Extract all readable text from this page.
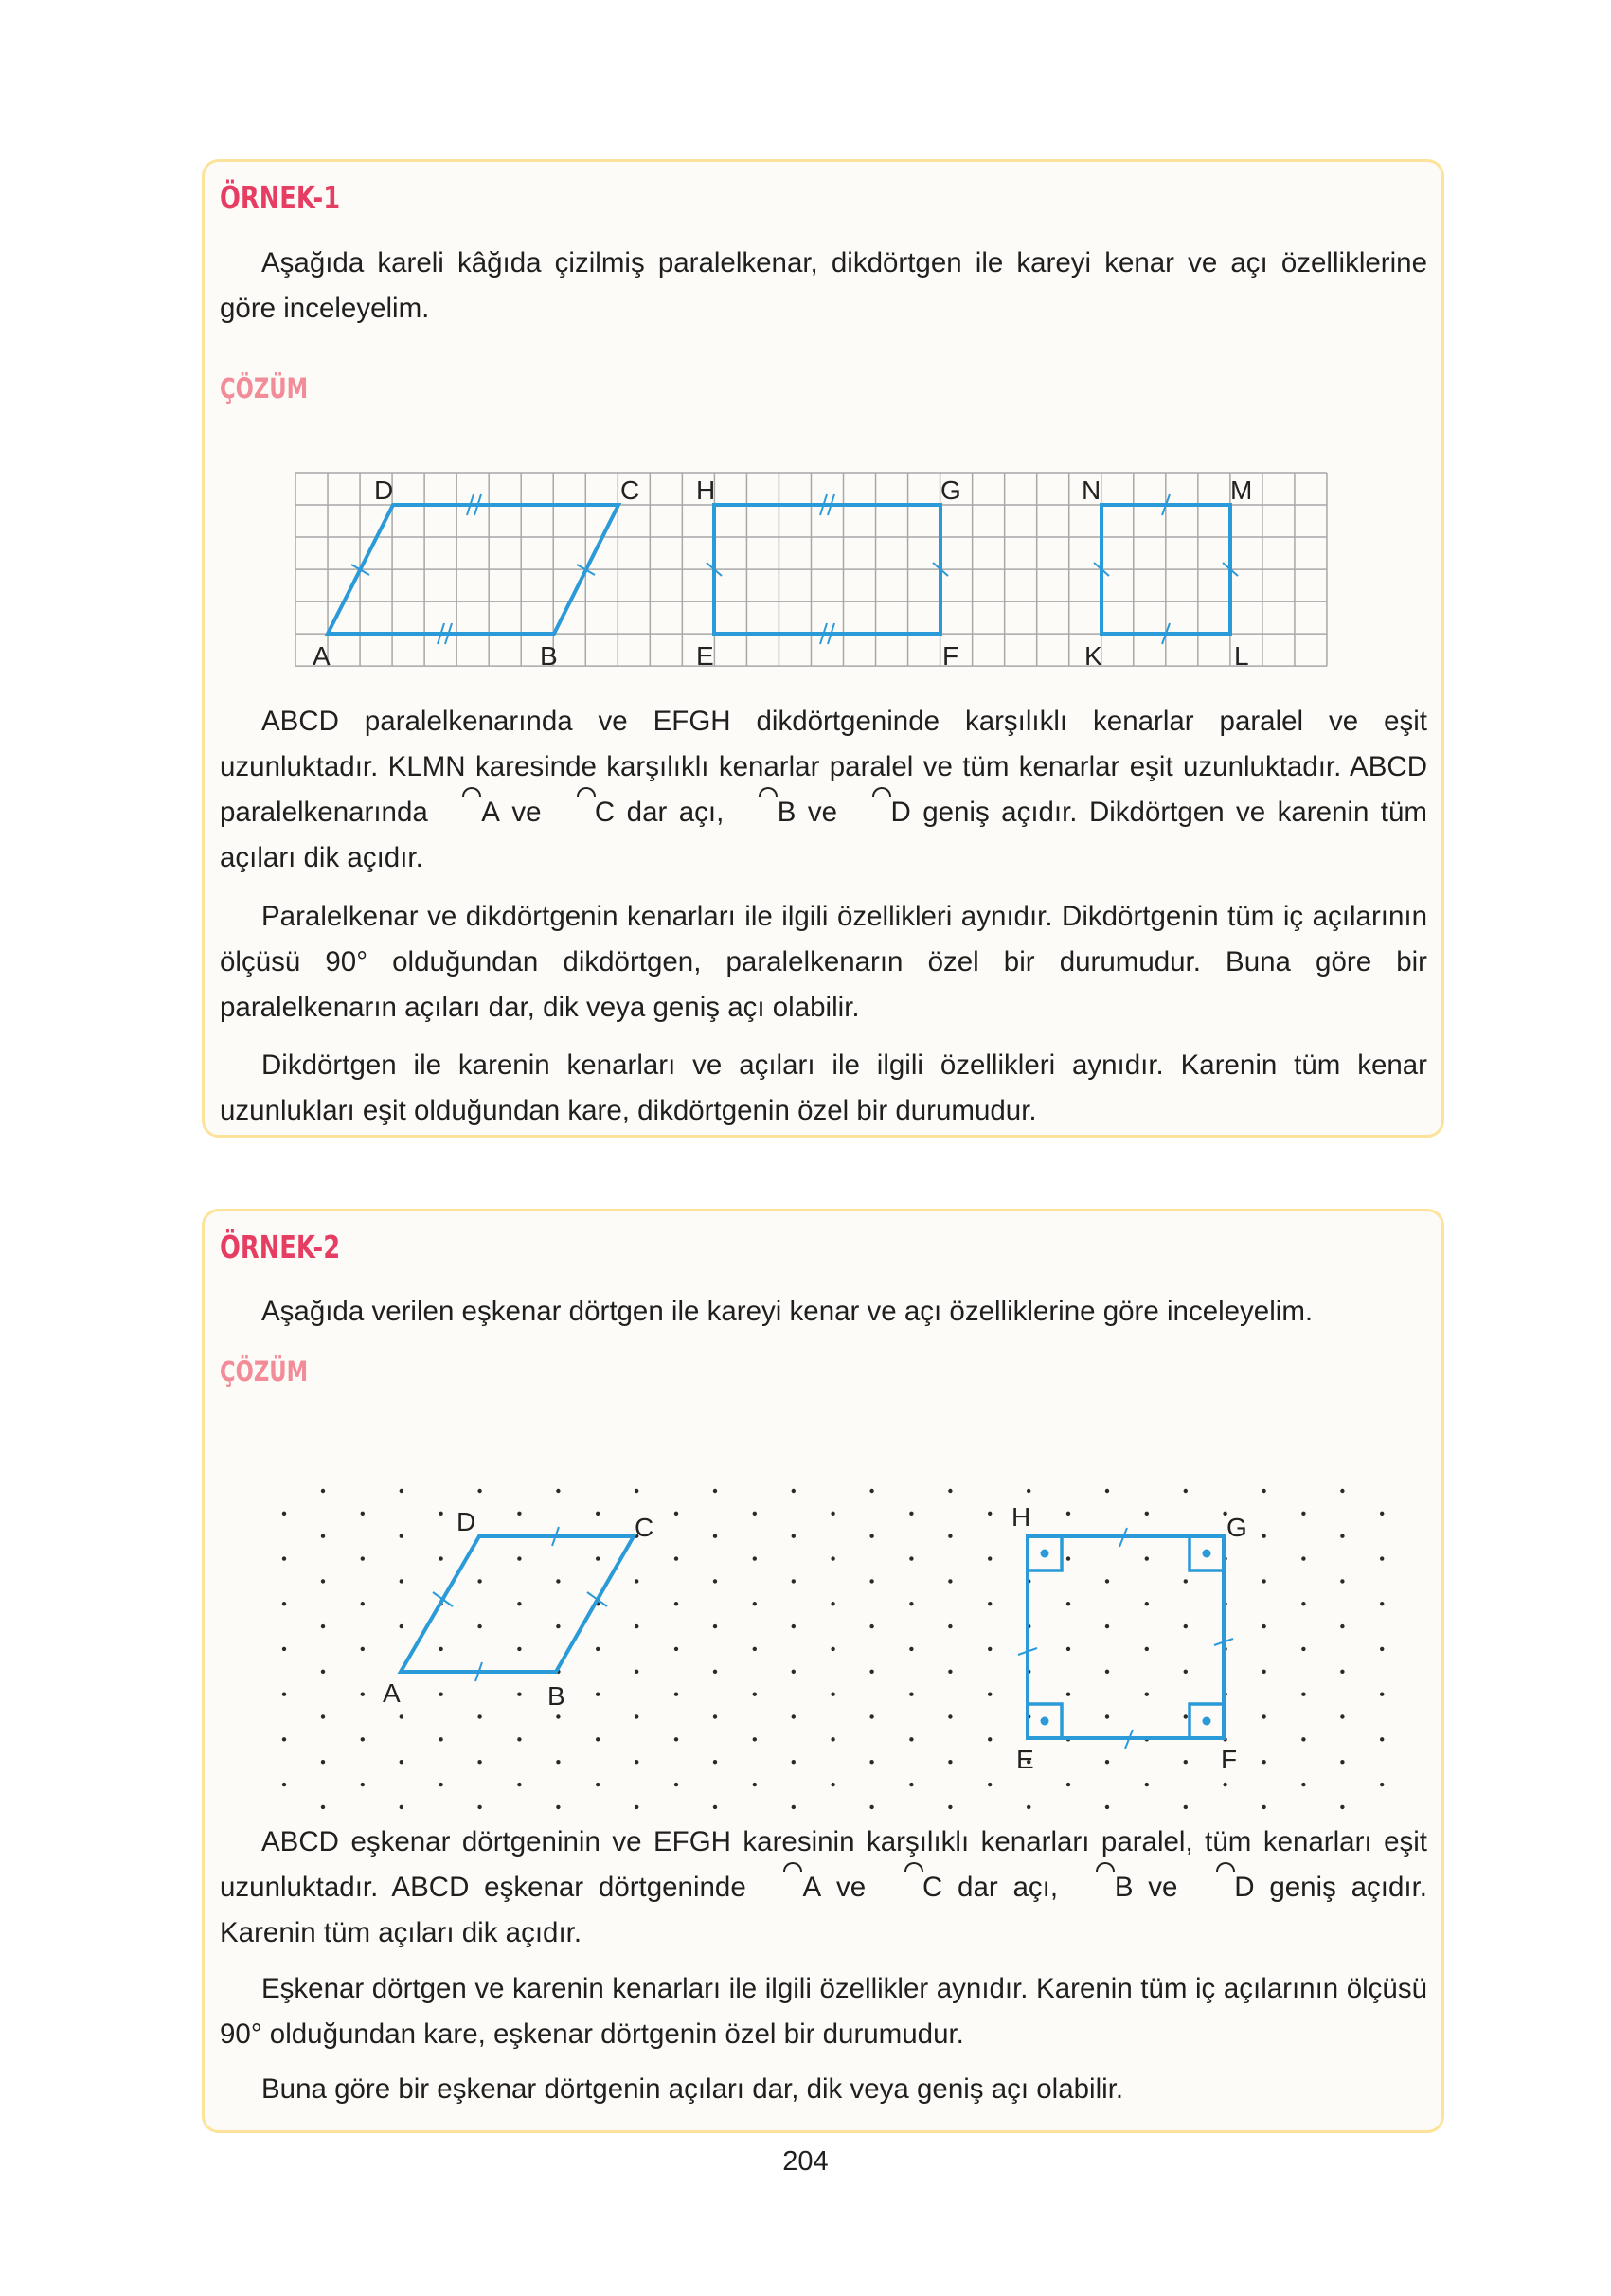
ÖRNEK-1

Aşağıda kareli kâğıda çizilmiş paralelkenar, dikdörtgen ile kareyi kenar ve açı özelliklerine göre inceleyelim.

ÇÖZÜM

ABCD paralelkenarında ve EFGH dikdörtgeninde karşılıklı kenarlar paralel ve eşit uzunluktadır. KLMN karesinde karşılıklı kenarlar paralel ve tüm kenarlar eşit uzunluktadır. ABCD paralelkenarında A ve C dar açı, B ve D geniş açıdır. Dikdörtgen ve karenin tüm açıları dik açıdır.

Paralelkenar ve dikdörtgenin kenarları ile ilgili özellikleri aynıdır. Dikdörtgenin tüm iç açılarının ölçüsü 90° olduğundan dikdörtgen, paralelkenarın özel bir durumudur. Buna göre bir paralelkenarın açıları dar, dik veya geniş açı olabilir.

Dikdörtgen ile karenin kenarları ve açıları ile ilgili özellikleri aynıdır. Karenin tüm kenar uzunlukları eşit olduğundan kare, dikdörtgenin özel bir durumudur.

A	B
C
D
E	F
G
H
K	L
M
N
ÖRNEK-2

Aşağıda verilen eşkenar dörtgen ile kareyi kenar ve açı özelliklerine göre inceleyelim.

ÇÖZÜM

ABCD eşkenar dörtgeninin ve EFGH karesinin karşılıklı kenarları paralel, tüm kenarları eşit uzunluktadır. ABCD eşkenar dörtgeninde A ve C dar açı, B ve D geniş açıdır. Karenin tüm açıları dik açıdır.

Eşkenar dörtgen ve karenin kenarları ile ilgili özellikler aynıdır. Karenin tüm iç açılarının ölçüsü 90° olduğundan kare, eşkenar dörtgenin özel bir durumudur.

Buna göre bir eşkenar dörtgenin açıları dar, dik veya geniş açı olabilir.

A	B
C
D
E	F
G
H
204
